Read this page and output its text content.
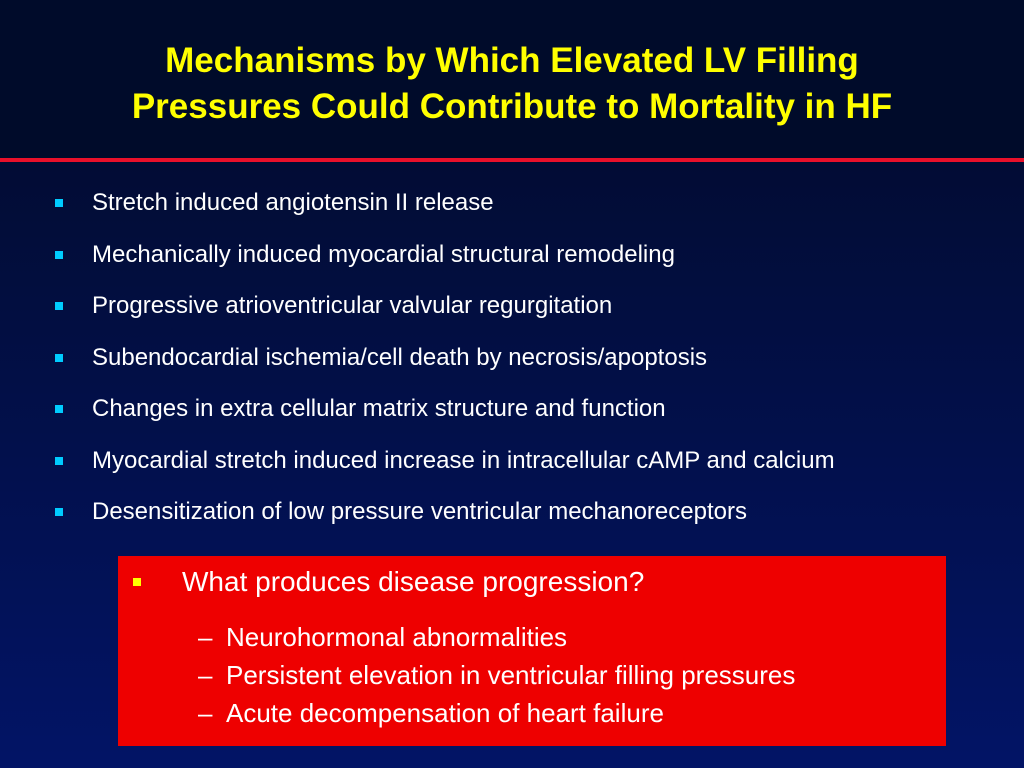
Mechanisms by Which Elevated LV Filling
Pressures Could Contribute to Mortality in HF
Stretch induced angiotensin II release
Mechanically induced myocardial structural remodeling
Progressive atrioventricular valvular regurgitation
Subendocardial ischemia/cell death by necrosis/apoptosis
Changes in extra cellular matrix structure and function
Myocardial stretch induced increase in intracellular cAMP and calcium
Desensitization of low pressure ventricular mechanoreceptors
What produces disease progression?
– Neurohormonal abnormalities
– Persistent elevation in ventricular filling pressures
– Acute decompensation of heart failure
